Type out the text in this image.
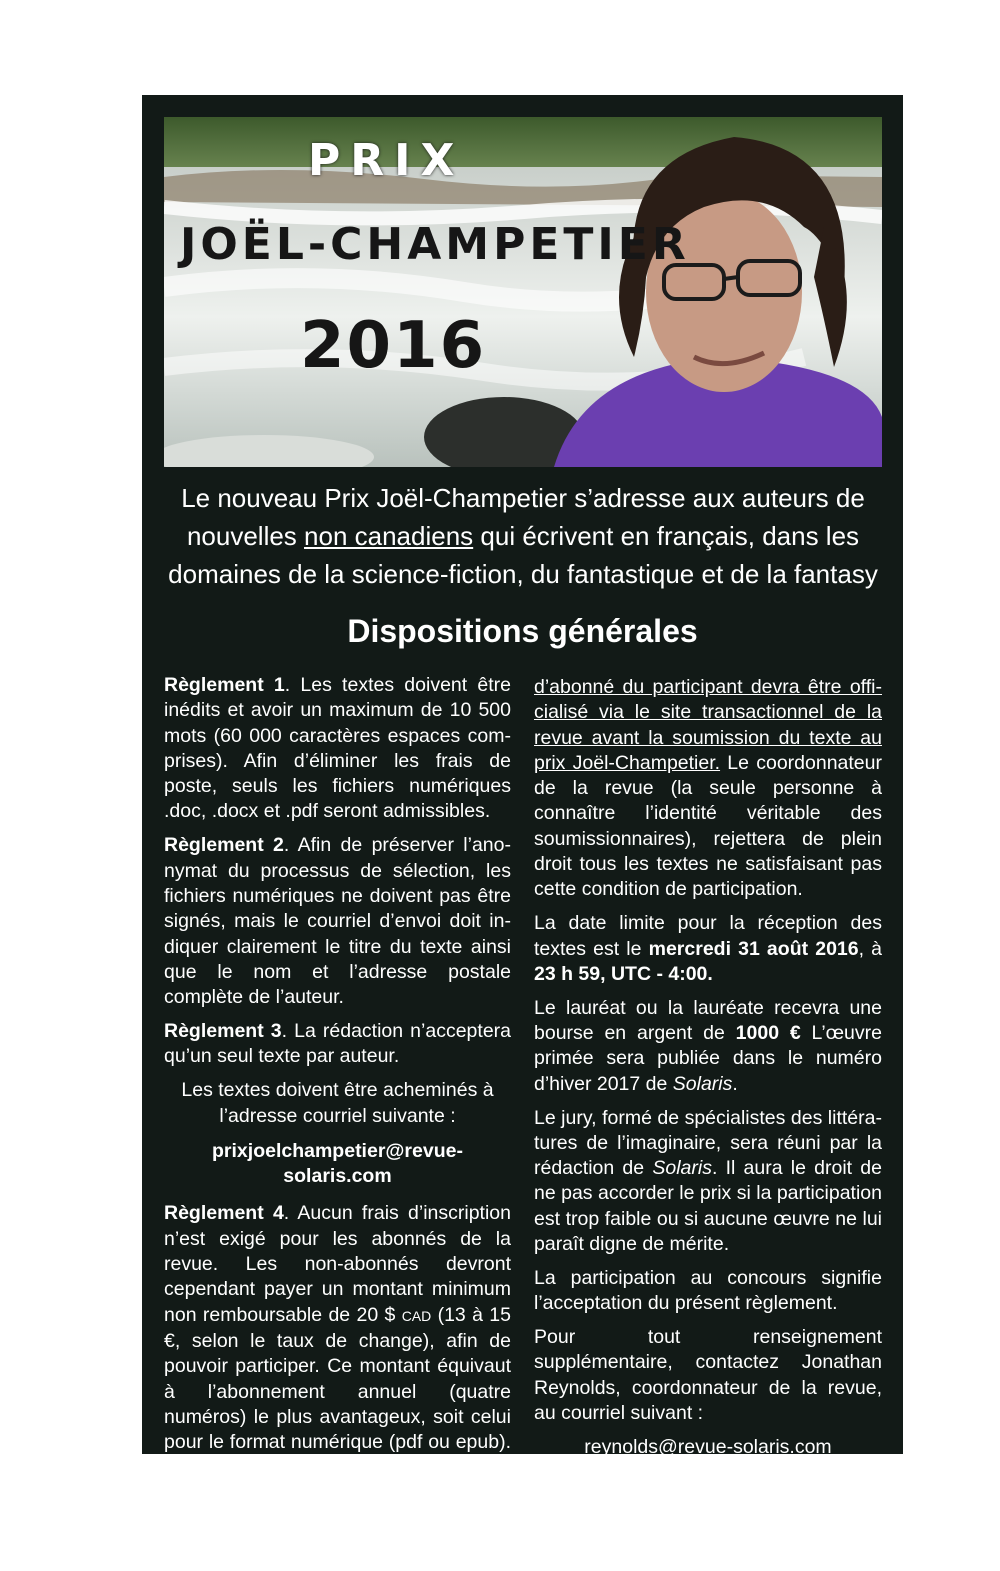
PRIX

JOËL-CHAMPETIER

2016

Le nouveau Prix Joël-Champetier s’adresse aux auteurs de nouvelles non canadiens qui écrivent en français, dans les domaines de la science-fiction, du fantastique et de la fantasy

Dispositions générales

Règlement 1. Les textes doivent être inédits et avoir un maximum de 10 500 mots (60 000 caractères espaces comprises). Afin d’éliminer les frais de poste, seuls les fichiers numériques .doc, .docx et .pdf seront admissibles.

Règlement 2. Afin de préserver l’anonymat du processus de sélection, les fichiers numériques ne doivent pas être signés, mais le courriel d’envoi doit indiquer clairement le titre du texte ainsi que le nom et l’adresse postale complète de l’auteur.

Règlement 3. La rédaction n’acceptera qu’un seul texte par auteur.

Les textes doivent être acheminés à
l’adresse courriel suivante :

prixjoelchampetier@revue-solaris.com

Règlement 4. Aucun frais d’inscription n’est exigé pour les abonnés de la revue. Les non-abonnés devront cependant payer un montant minimum non remboursable de 20 $ CAD (13 à 15 €, selon le taux de change), afin de pouvoir participer. Ce montant équivaut à l’abonnement annuel (quatre numéros) le plus avantageux, soit celui pour le format numérique (pdf ou epub). Le statut

d’abonné du participant devra être officialisé via le site transactionnel de la revue avant la soumission du texte au prix Joël-Champetier. Le coordonnateur de la revue (la seule personne à connaître l’identité véritable des soumissionnaires), rejettera de plein droit tous les textes ne satisfaisant pas cette condition de participation.

La date limite pour la réception des textes est le mercredi 31 août 2016, à 23 h 59, UTC - 4:00.

Le lauréat ou la lauréate recevra une bourse en argent de 1000 € L’œuvre primée sera publiée dans le numéro d’hiver 2017 de Solaris.

Le jury, formé de spécialistes des littératures de l’imaginaire, sera réuni par la rédaction de Solaris. Il aura le droit de ne pas accorder le prix si la participation est trop faible ou si aucune œuvre ne lui paraît digne de mérite.

La participation au concours signifie l’acceptation du présent règlement.

Pour tout renseignement supplémentaire, contactez Jonathan Reynolds, coordonnateur de la revue, au courriel suivant :

reynolds@revue-solaris.com
